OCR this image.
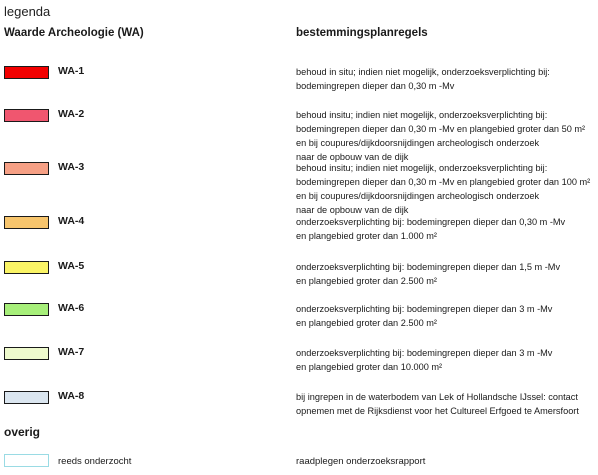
legenda
Waarde Archeologie (WA)	bestemmingsplanregels
WA-1	behoud in situ; indien niet mogelijk, onderzoeksverplichting bij:
bodemingrepen dieper dan 0,30 m -Mv
WA-2	behoud insitu; indien niet mogelijk, onderzoeksverplichting bij:
bodemingrepen dieper dan 0,30 m -Mv en plangebied groter dan 50 m²
en bij coupures/dijkdoorsnijdingen archeologisch onderzoek
naar de opbouw van de dijk
WA-3	behoud insitu; indien niet mogelijk, onderzoeksverplichting bij:
bodemingrepen dieper dan 0,30 m -Mv en plangebied groter dan 100 m²
en bij coupures/dijkdoorsnijdingen archeologisch onderzoek
naar de opbouw van de dijk
WA-4	onderzoeksverplichting bij: bodemingrepen dieper dan 0,30 m -Mv
en plangebied groter dan 1.000 m²
WA-5	onderzoeksverplichting bij: bodemingrepen dieper dan 1,5 m -Mv
en plangebied groter dan 2.500 m²
WA-6	onderzoeksverplichting bij: bodemingrepen dieper dan 3 m -Mv
en plangebied groter dan 2.500 m²
WA-7	onderzoeksverplichting bij: bodemingrepen dieper dan 3 m -Mv
en plangebied groter dan 10.000 m²
WA-8	bij ingrepen in de waterbodem van Lek of Hollandsche IJssel: contact
opnemen met de Rijksdienst voor het Cultureel Erfgoed te Amersfoort
overig
reeds onderzocht	raadplegen onderzoeksrapport
